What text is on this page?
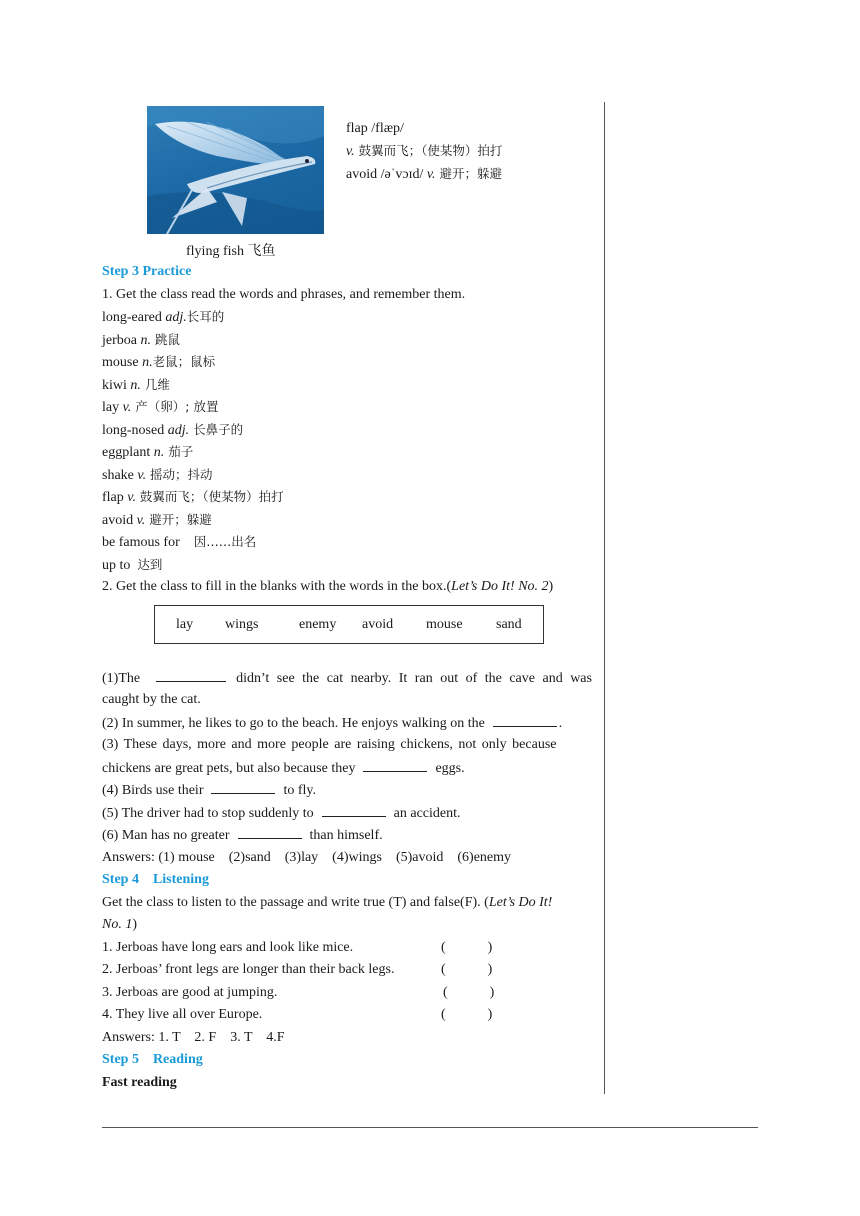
flying fish 飞鱼
flap /flæp/
v. 鼓翼而飞；（使某物）拍打
avoid /əˈvɔɪd/ v. 避开；躲避
Step 3 Practice
1. Get the class read the words and phrases, and remember them.
long-eared adj.长耳的
jerboa n. 跳鼠
mouse n.老鼠；鼠标
kiwi n. 几维
lay v. 产（卵）; 放置
long-nosed adj. 长鼻子的
eggplant n. 茄子
shake v. 摇动；抖动
flap v. 鼓翼而飞；（使某物）拍打
avoid v. 避开；躲避
be famous for    因……出名
up to  达到
2. Get the class to fill in the blanks with the words in the box.(Let’s Do It! No. 2)
lay wings	enemy avoid mouse sand
(1)The	didn’t see the cat nearby. It ran out of the cave and was
caught by the cat.
(2) In summer, he likes to go to the beach. He enjoys walking on the	.
(3) These days, more and more people are raising chickens, not only because
chickens are great pets, but also because they	eggs.
(4) Birds use their	to fly.
(5) The driver had to stop suddenly to	an accident.
(6) Man has no greater	than himself.
Answers: (1) mouse    (2)sand    (3)lay    (4)wings    (5)avoid    (6)enemy
Step 4    Listening
Get the class to listen to the passage and write true (T) and false(F). (Let’s Do It!
No. 1)
1. Jerboas have long ears and look like mice.	(            )
2. Jerboas’ front legs are longer than their back legs.	(            )
3. Jerboas are good at jumping.	(            )
4. They live all over Europe.	(            )
Answers: 1. T    2. F    3. T    4.F
Step 5    Reading
Fast reading
